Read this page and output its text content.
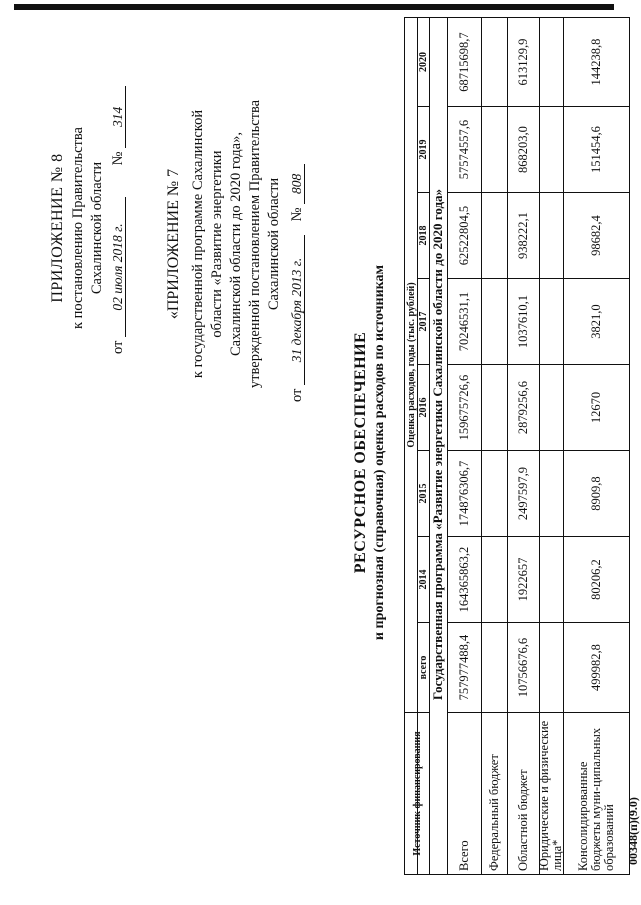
ПРИЛОЖЕНИЕ № 8 к постановлению Правительства Сахалинской области
от 02 июля 2018 г. № 314
«ПРИЛОЖЕНИЕ № 7 к государственной программе Сахалинской области «Развитие энергетики Сахалинской области до 2020 года», утвержденной постановлением Правительства Сахалинской области
от 31 декабря 2013 г. № 808
РЕСУРСНОЕ ОБЕСПЕЧЕНИЕ и прогнозная (справочная) оценка расходов по источникам Оценка расходов, годы (тыс. рублей)
Источник финансирования
всего
2014
2015
2016
2017
2018
2019
2020
Государственная программа «Развитие энергетики Сахалинской области до 2020 года»
Всего
757977488,4
164365863,2
174876306,7
159675726,6
70246531,1
62522804,5
57574557,6
68715698,7
Федеральный бюджет	Областной бюджет
10756676,6
1922657
2497597,9
2879256,6
1037610,1
938222,1
868203,0
613129,9
Юридические и физические лица* Консолидированные бюджеты муни-ципальных образований
499982,8
80206,2
8909,8
12670
3821,0
98682,4
151454,6
144238,8
00348(п)(9.0)
